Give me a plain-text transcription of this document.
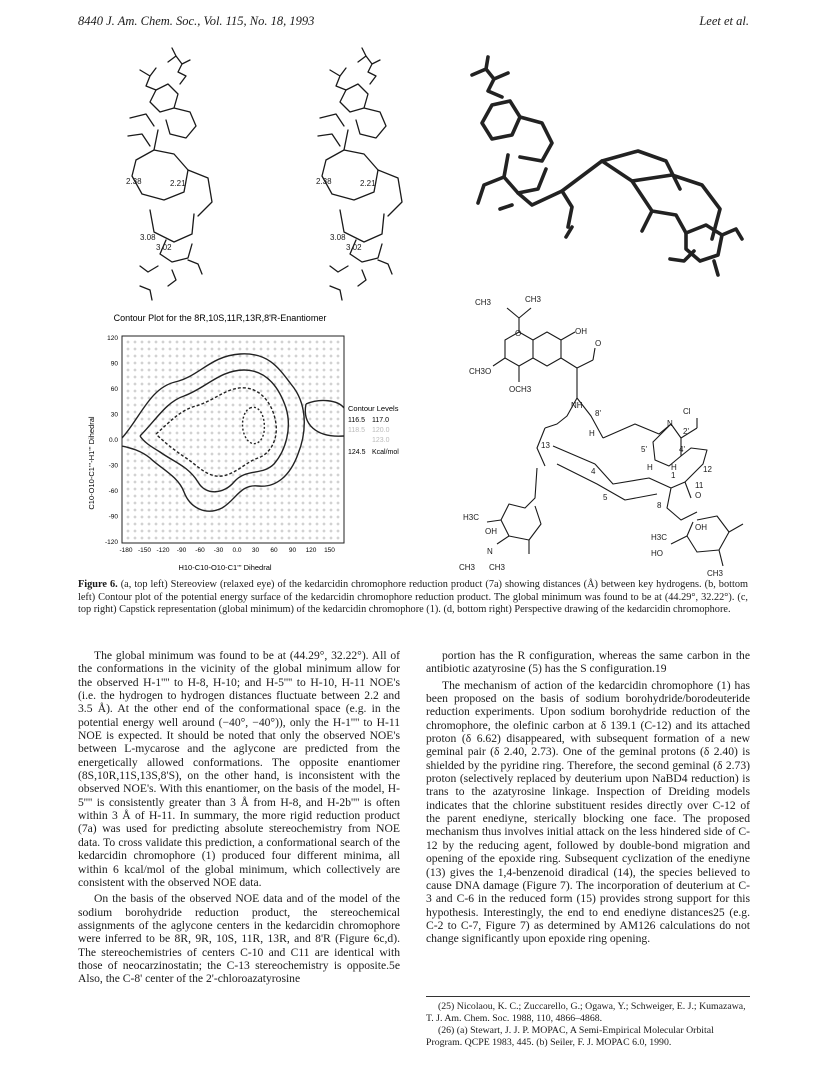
8440 J. Am. Chem. Soc., Vol. 115, No. 18, 1993	Leet et al.
2.38	2.21
3.08
3.02
2.38	2.21
3.08
3.02
Contour Plot for the 8R,10S,11R,13R,8'R-Enantiomer
C10-O10-C1'''-H1''' Dihedral
H10-C10-O10-C1''' Dihedral
120
90
60
30
0.0
-30
-60
-90
-120
-180 -150 -120 -90 -60 -30 0.0 30 60 90 120 150
Contour Levels
116.5 117.0
118.5 120.0
123.0
124.5 Kcal/mol
CH3	CH3
O	OH
CH3O
OCH3
O
NH
Cl
N
H
8'
2'
5'	4'
H H
13
4	1
12
5
8
11
O
H3C
OH
N
CH3 CH3
OH
H3C
HO
CH3
Figure 6. (a, top left) Stereoview (relaxed eye) of the kedarcidin chromophore reduction product (7a) showing distances (Å) between key hydrogens. (b, bottom left) Contour plot of the potential energy surface of the kedarcidin chromophore reduction product. The global minimum was found to be at (44.29°, 32.22°). (c, top right) Capstick representation (global minimum) of the kedarcidin chromophore (1). (d, bottom right) Perspective drawing of the kedarcidin chromophore.

The global minimum was found to be at (44.29°, 32.22°). All of the conformations in the vicinity of the global minimum allow for the observed H-1'''' to H-8, H-10; and H-5'''' to H-10, H-11 NOE's (i.e. the hydrogen to hydrogen distances fluctuate between 2.2 and 3.5 Å). At the other end of the conformational space (e.g. in the potential energy well around (−40°, −40°)), only the H-1'''' to H-11 NOE is expected. It should be noted that only the observed NOE's between L-mycarose and the aglycone are predicted from the energetically allowed conformations. The opposite enantiomer (8S,10R,11S,13S,8'S), on the other hand, is inconsistent with the observed NOE's. With this enantiomer, on the basis of the model, H-5'''' is consistently greater than 3 Å from H-8, and H-2b'''' is often within 3 Å of H-11. In summary, the more rigid reduction product (7a) was used for predicting absolute stereochemistry from NOE data. To cross validate this prediction, a conformational search of the kedarcidin chromophore (1) produced four different minima, all within 6 kcal/mol of the global minimum, which collectively are consistent with the observed NOE data.

On the basis of the observed NOE data and of the model of the sodium borohydride reduction product, the stereochemical assignments of the aglycone centers in the kedarcidin chromophore were inferred to be 8R, 9R, 10S, 11R, 13R, and 8'R (Figure 6c,d). The stereochemistries of centers C-10 and C11 are identical with those of neocarzinostatin; the C-13 stereochemistry is opposite.5e Also, the C-8' center of the 2'-chloroazatyrosine

portion has the R configuration, whereas the same carbon in the antibiotic azatyrosine (5) has the S configuration.19

The mechanism of action of the kedarcidin chromophore (1) has been proposed on the basis of sodium borohydride/borodeuteride reduction experiments. Upon sodium borohydride reduction of the chromophore, the olefinic carbon at δ 139.1 (C-12) and its attached proton (δ 6.62) disappeared, with subsequent formation of a new geminal pair (δ 2.40, 2.73). One of the geminal protons (δ 2.40) is shielded by the pyridine ring. Therefore, the second geminal (δ 2.73) proton (selectively replaced by deuterium upon NaBD4 reduction) is trans to the azatyrosine linkage. Inspection of Dreiding models indicates that the chlorine substituent resides directly over C-12 of the parent enediyne, sterically blocking one face. The proposed mechanism thus involves initial attack on the less hindered side of C-12 by the reducing agent, followed by double-bond migration and opening of the epoxide ring. Subsequent cyclization of the enediyne (13) gives the 1,4-benzenoid diradical (14), the species believed to cause DNA damage (Figure 7). The incorporation of deuterium at C-3 and C-6 in the reduced form (15) provides strong support for this hypothesis. Interestingly, the end to end enediyne distances25 (e.g. C-2 to C-7, Figure 7) as determined by AM126 calculations do not change significantly upon epoxide ring opening.

(25) Nicolaou, K. C.; Zuccarello, G.; Ogawa, Y.; Schweiger, E. J.; Kumazawa, T. J. Am. Chem. Soc. 1988, 110, 4866–4868.
(26) (a) Stewart, J. J. P. MOPAC, A Semi-Empirical Molecular Orbital Program. QCPE 1983, 445. (b) Seiler, F. J. MOPAC 6.0, 1990.
